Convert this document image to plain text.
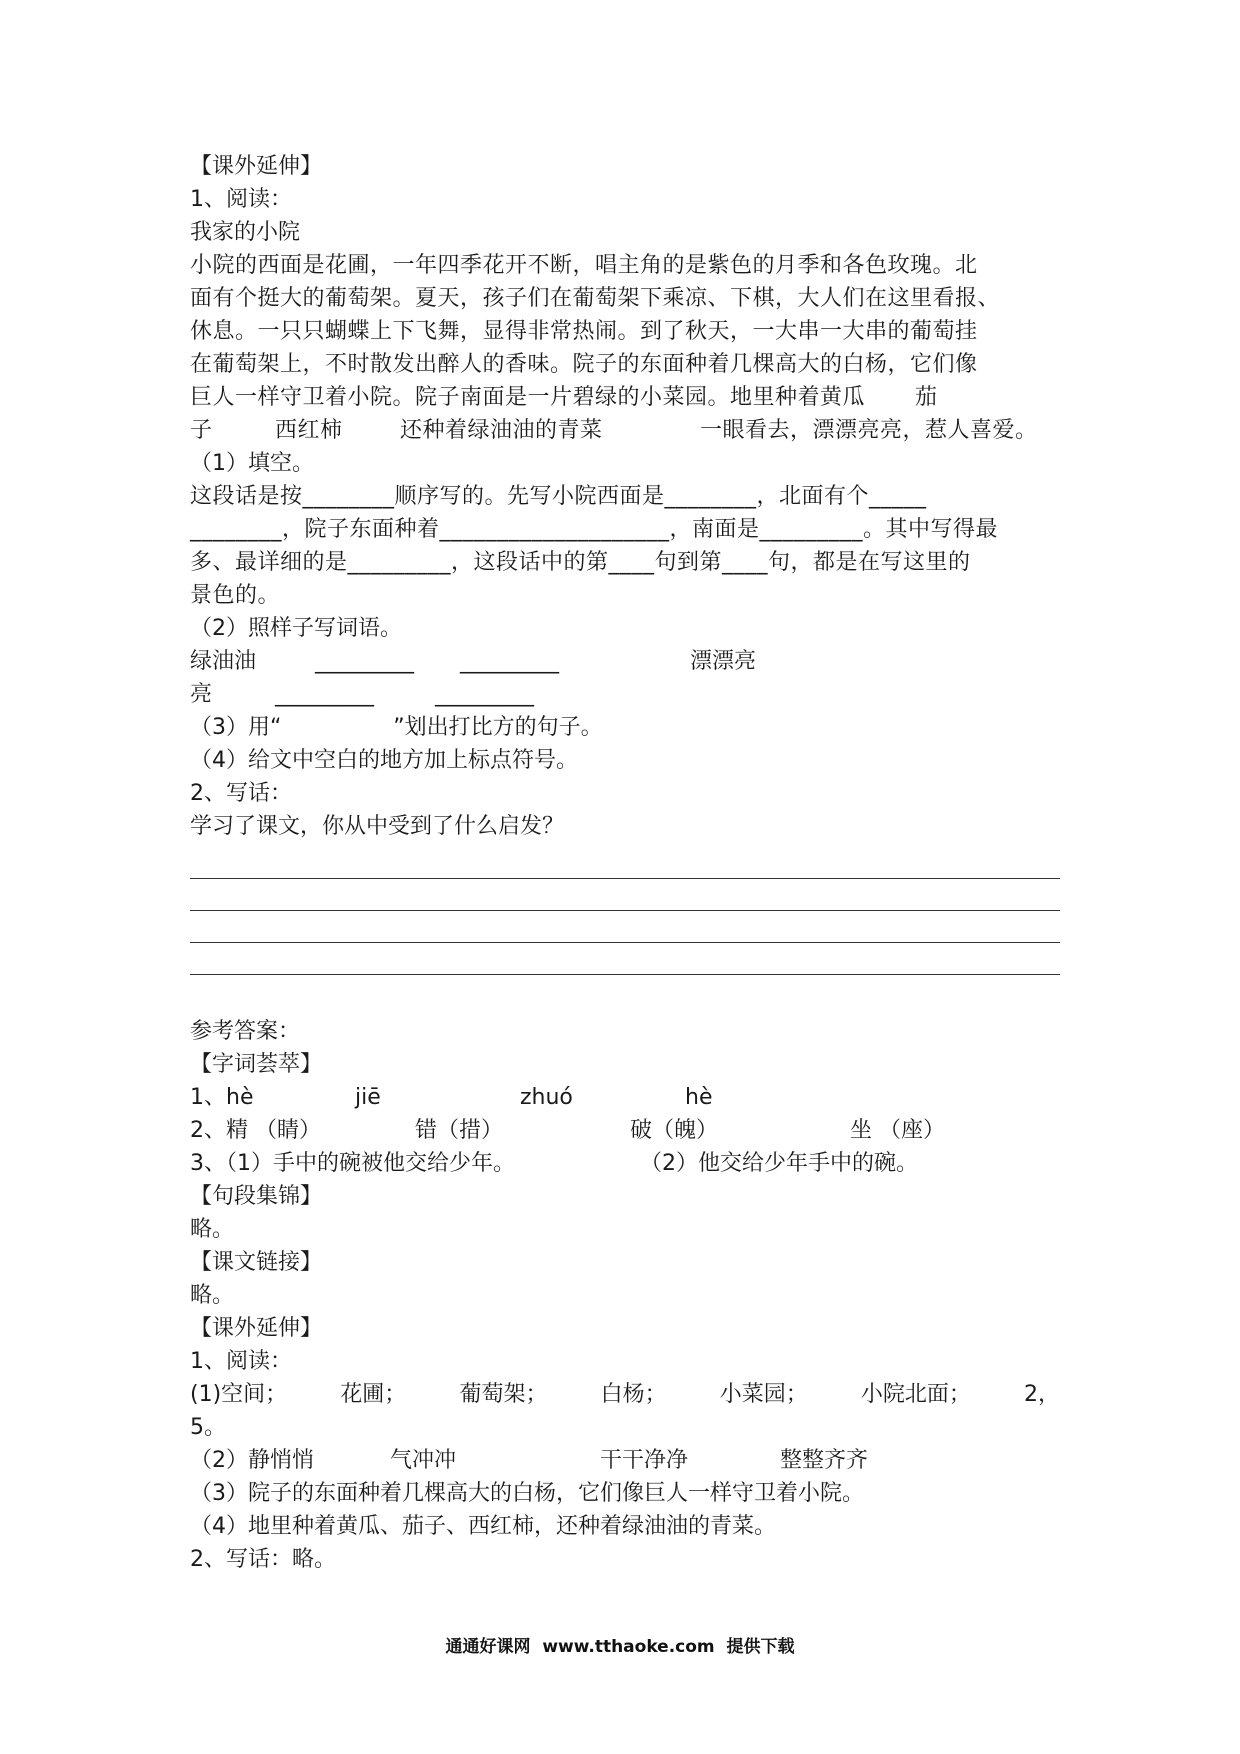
【课外延伸】
1、阅读：
我家的小院
小院的西面是花圃，一年四季花开不断，唱主角的是紫色的月季和各色玫瑰。北
面有个挺大的葡萄架。夏天，孩子们在葡萄架下乘凉、下棋，大人们在这里看报、
休息。一只只蝴蝶上下飞舞，显得非常热闹。到了秋天，一大串一大串的葡萄挂
在葡萄架上，不时散发出醉人的香味。院子的东面种着几棵高大的白杨，它们像
巨人一样守卫着小院。院子南面是一片碧绿的小菜园。地里种着黄瓜 茄
子	西红柿	还种着绿油油的青菜	一眼看去，漂漂亮亮，惹人喜爱。
（1）填空。
这段话是按________顺序写的。先写小院西面是________，北面有个_____
________，院子东面种着____________________，南面是_________。其中写得最
多、最详细的是_________，这段话中的第____句到第____句，都是在写这里的
景色的。
（2）照样子写词语。
绿油油	_________ _________	漂漂亮
亮	_________	_________
（3）用“                ”划出打比方的句子。
（4）给文中空白的地方加上标点符号。
2、写话：
学习了课文，你从中受到了什么启发？
参考答案：
【字词荟萃】
1、hè	jiē	zhuó	hè
2、精 （睛）	错（措）	破（魄）	坐 （座）
3、（1）手中的碗被他交给少年。	（2）他交给少年手中的碗。
【句段集锦】
略。
【课文链接】
略。
【课外延伸】
1、阅读：
(1)空间； 花圃； 葡萄架； 白杨； 小菜园； 小院北面； 2，
5。
（2）静悄悄	气冲冲	干干净净	整整齐齐
（3）院子的东面种着几棵高大的白杨，它们像巨人一样守卫着小院。
（4）地里种着黄瓜、茄子、西红柿，还种着绿油油的青菜。
2、写话：略。
通通好课网  www.tthaoke.com  提供下载
